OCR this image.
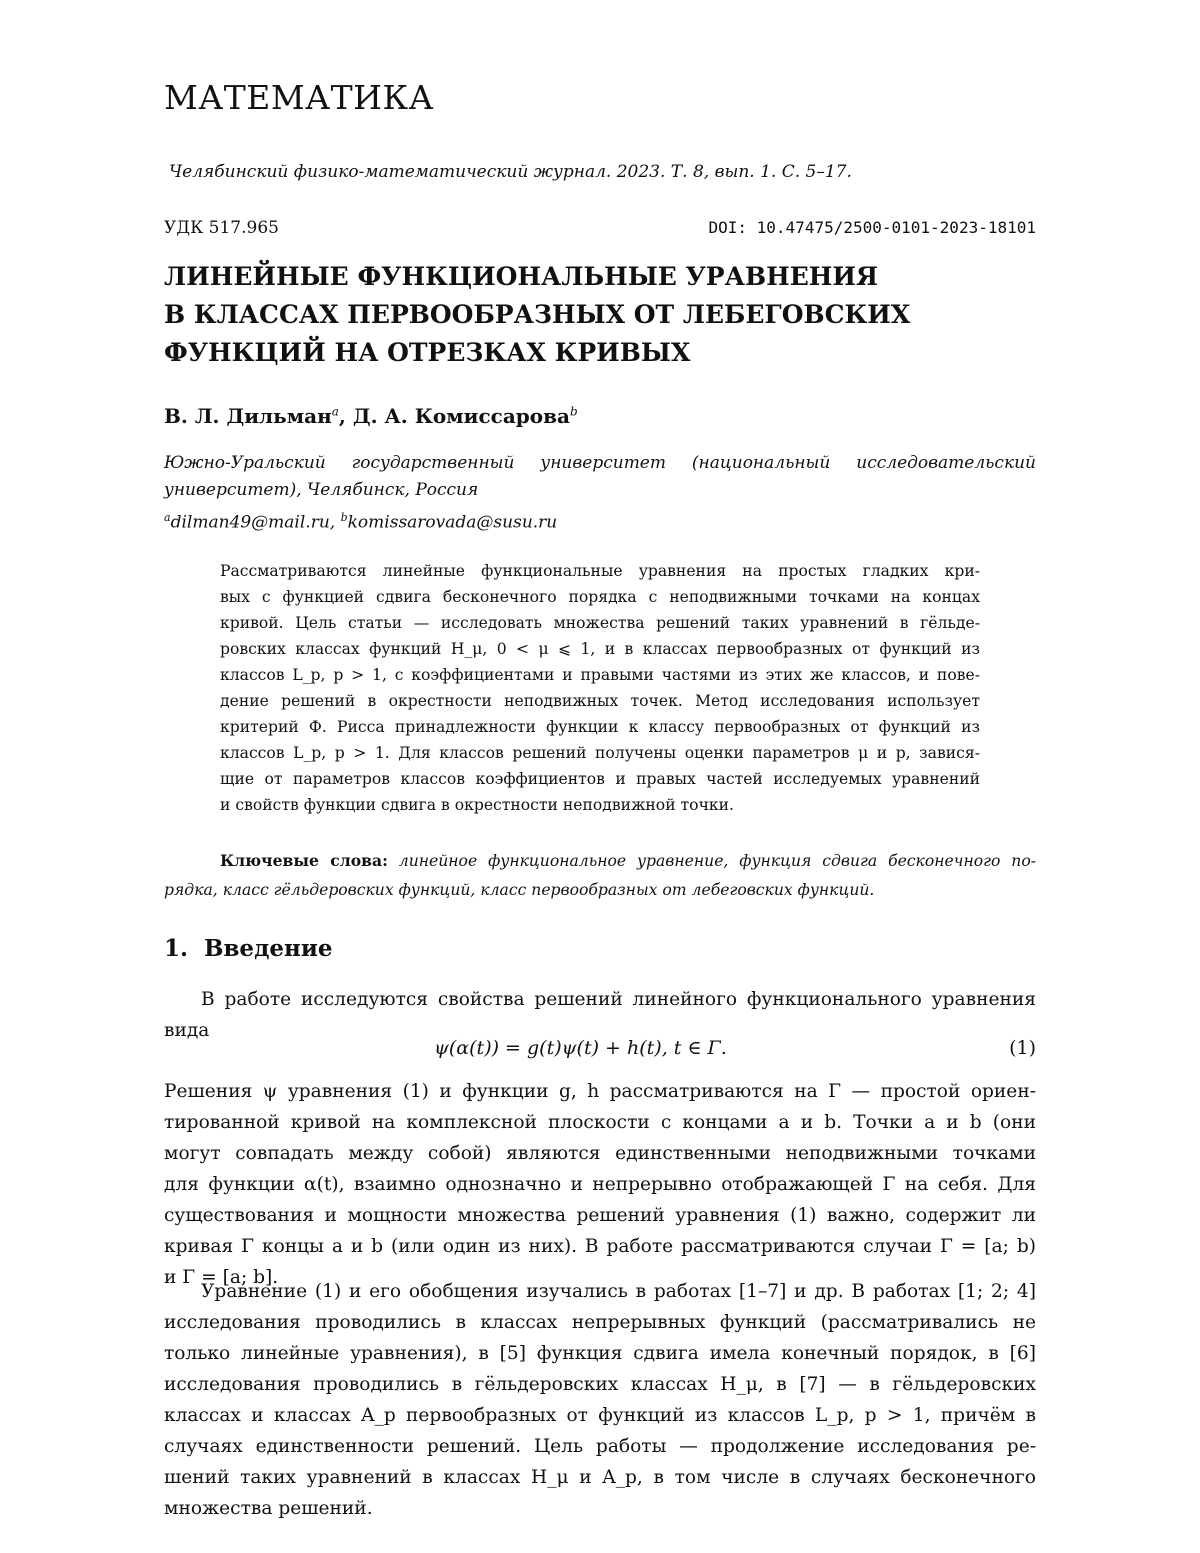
МАТЕМАТИКА
Челябинский физико-математический журнал. 2023. Т. 8, вып. 1. С. 5–17.
УДК 517.965	DOI: 10.47475/2500-0101-2023-18101
ЛИНЕЙНЫЕ ФУНКЦИОНАЛЬНЫЕ УРАВНЕНИЯ
В КЛАССАХ ПЕРВООБРАЗНЫХ ОТ ЛЕБЕГОВСКИХ
ФУНКЦИЙ НА ОТРЕЗКАХ КРИВЫХ
В. Л. Дильман$^a$, Д. А. Комиссарова$^b$
Южно-Уральский государственный университет (национальный исследовательский
университет), Челябинск, Россия
$^a$dilman49@mail.ru, $^b$komissarovada@susu.ru
Рассматриваются линейные функциональные уравнения на простых гладких кри-
вых с функцией сдвига бесконечного порядка с неподвижными точками на концах
кривой. Цель статьи — исследовать множества решений таких уравнений в гёльде-
ровских классах функций H_μ, 0 < μ ⩽ 1, и в классах первообразных от функций из
классов L_p, p > 1, с коэффициентами и правыми частями из этих же классов, и пове-
дение решений в окрестности неподвижных точек. Метод исследования использует
критерий Ф. Рисса принадлежности функции к классу первообразных от функций из
классов L_p, p > 1. Для классов решений получены оценки параметров μ и p, завися-
щие от параметров классов коэффициентов и правых частей исследуемых уравнений
и свойств функции сдвига в окрестности неподвижной точки.
Ключевые слова: линейное функциональное уравнение, функция сдвига бесконечного по-
рядка, класс гёльдеровских функций, класс первообразных от лебеговских функций.
1. Введение
В работе исследуются свойства решений линейного функционального уравнения
вида
ψ(α(t)) = g(t)ψ(t) + h(t), t ∈ Γ.	(1)
Решения ψ уравнения (1) и функции g, h рассматриваются на Γ — простой ориен-
тированной кривой на комплексной плоскости с концами a и b. Точки a и b (они
могут совпадать между собой) являются единственными неподвижными точками
для функции α(t), взаимно однозначно и непрерывно отображающей Γ на себя. Для
существования и мощности множества решений уравнения (1) важно, содержит ли
кривая Γ концы a и b (или один из них). В работе рассматриваются случаи Γ = [a; b)
и Γ = [a; b].
Уравнение (1) и его обобщения изучались в работах [1–7] и др. В работах [1; 2; 4]
исследования проводились в классах непрерывных функций (рассматривались не
только линейные уравнения), в [5] функция сдвига имела конечный порядок, в [6]
исследования проводились в гёльдеровских классах H_μ, в [7] — в гёльдеровских
классах и классах A_p первообразных от функций из классов L_p, p > 1, причём в
случаях единственности решений. Цель работы — продолжение исследования ре-
шений таких уравнений в классах H_μ и A_p, в том числе в случаях бесконечного
множества решений.
